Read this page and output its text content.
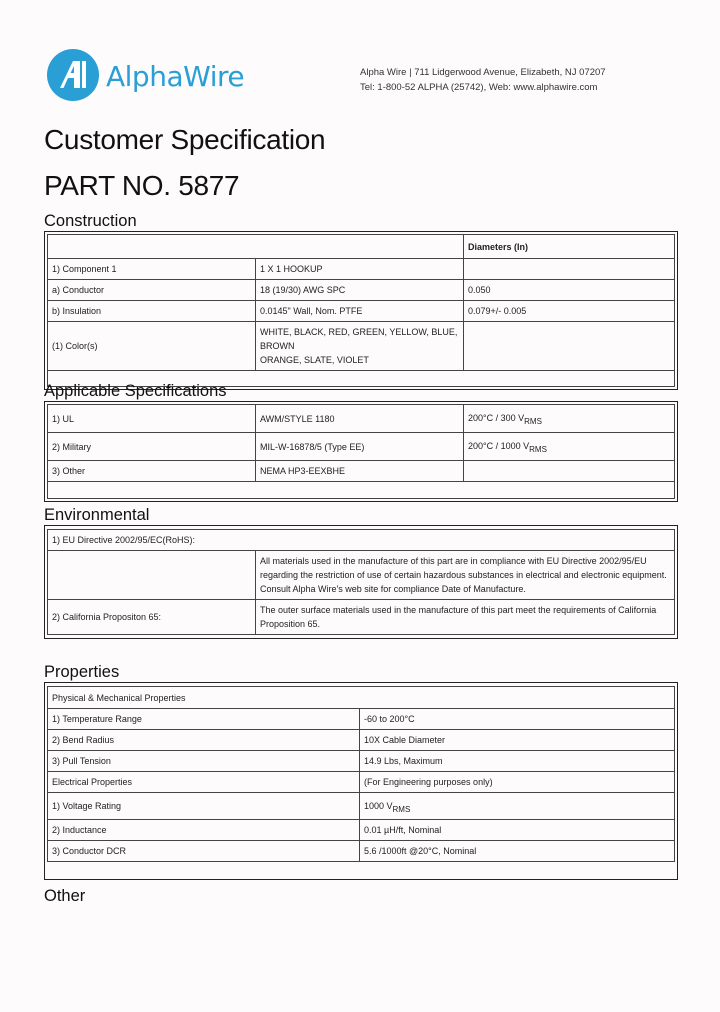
AlphaWire	Alpha Wire | 711 Lidgerwood Avenue, Elizabeth, NJ 07207
Tel: 1-800-52 ALPHA (25742), Web: www.alphawire.com
Customer Specification
PART NO. 5877
Construction
		Diameters (In)
1) Component 1	1 X 1 HOOKUP	
a) Conductor	18 (19/30) AWG SPC	0.050
b) Insulation	0.0145" Wall, Nom. PTFE	0.079+/- 0.005
(1) Color(s)	WHITE, BLACK, RED, GREEN, YELLOW, BLUE, BROWN
ORANGE, SLATE, VIOLET	

Applicable Specifications
1) UL	AWM/STYLE 1180	200°C / 300 VRMS
2) Military	MIL-W-16878/5 (Type EE)	200°C / 1000 VRMS
3) Other	NEMA HP3-EEXBHE	

Environmental
1) EU Directive 2002/95/EC(RoHS):	
	All materials used in the manufacture of this part are in compliance with EU Directive 2002/95/EU regarding the restriction of use of certain hazardous substances in electrical and electronic equipment. Consult Alpha Wire's web site for compliance Date of Manufacture.
2) California Propositon 65:	The outer surface materials used in the manufacture of this part meet the requirements of California Proposition 65.
Properties
Physical & Mechanical Properties	
1) Temperature Range	-60 to 200°C
2) Bend Radius	10X Cable Diameter
3) Pull Tension	14.9 Lbs, Maximum
Electrical Properties	(For Engineering purposes only)
1) Voltage Rating	1000 VRMS
2) Inductance	0.01 µH/ft, Nominal
3) Conductor DCR	5.6 /1000ft @20°C, Nominal

Other
